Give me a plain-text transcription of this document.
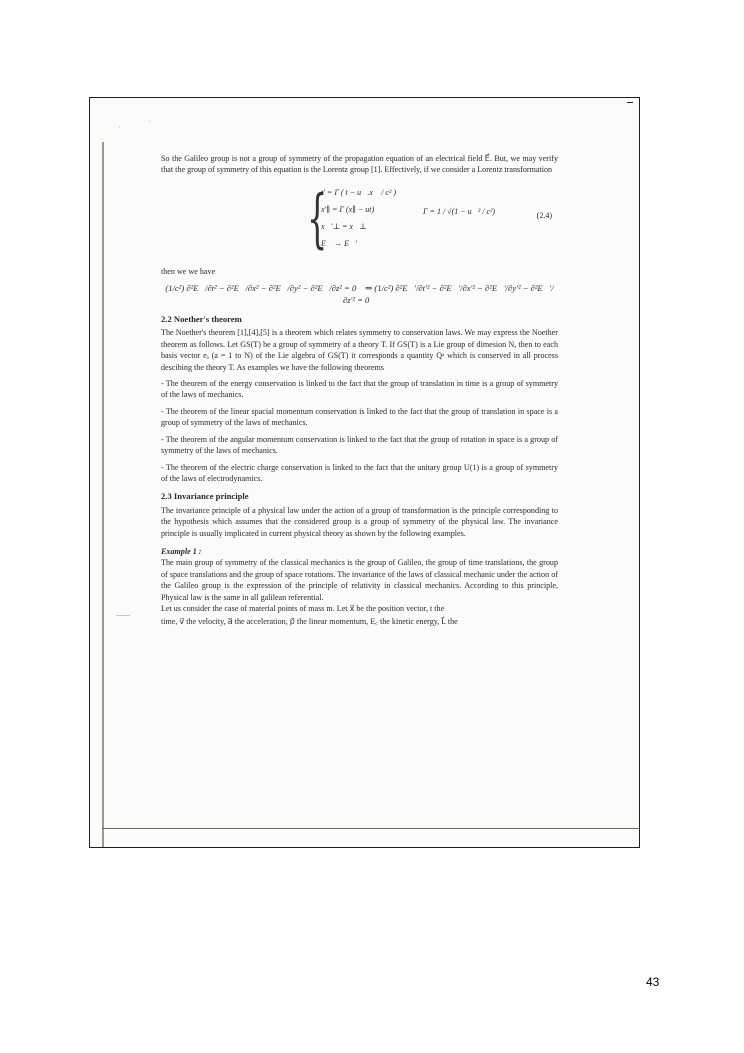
·
·

So the Galileo group is not a group of symmetry of the propagation equation of an electrical field E⃗. But, we may verify that the group of symmetry of this equation is the Lorentz group [1]. Effectively, if we consider a Lorentz transformation

{
t' = Γ ( t − u⃗.x⃗ / c² )
x'∥ = Γ (x∥ − ut)
x⃗'⊥ = x⃗⊥
E⃗ → E⃗'
Γ = 1 / √(1 − u⃗² / c²)	(2.4)

then we we have

(1/c²) ∂²E⃗/∂t² − ∂²E⃗/∂x² − ∂²E⃗/∂y² − ∂²E⃗/∂z² = 0⃗ ⇒ (1/c²) ∂²E⃗'/∂t'² − ∂²E⃗'/∂x'² − ∂²E⃗'/∂y'² − ∂²E⃗'/∂z'² = 0⃗
2.2 Noether's theorem

The Noether's theorem [1],[4],[5] is a theorem which relates symmetry to conservation laws. We may express the Noether theorem as follows. Let GS(T) be a group of symmetry of a theory T. If GS(T) is a Lie group of dimesion N, then to each basis vector eₐ (a = 1 to N) of the Lie algebra of GS(T) it corresponds a quantity Qᵃ which is conserved in all process descibing the theory T. As examples we have the following theorems

- The theorem of the energy conservation is linked to the fact that the group of translation in time is a group of symmetry of the laws of mechanics.

- The theorem of the linear spacial momentum conservation is linked to the fact that the group of translation in space is a group of symmetry of the laws of mechanics.

- The theorem of the angular momentum conservation is linked to the fact that the group of rotation in space is a group of symmetry of the laws of mechanics.

- The theorem of the electric charge conservation is linked to the fact that the unitary group U(1) is a group of symmetry of the laws of electrodynamics.

2.3 Invariance principle

The invariance principle of a physical law under the action of a group of transformation is the principle corresponding to the hypothesis which assumes that the considered group is a group of symmetry of the physical law. The invariance principle is usually implicated in current physical theory as shown by the following examples.

Example 1 :

The main group of symmetry of the classical mechanics is the group of Galileo, the group of time translations, the group of space translations and the group of space rotations. The invariance of the laws of classical mechanic under the action of the Galileo group is the expression of the principle of relativity in classical mechanics. According to this principle, Physical law is the same in all galilean referential.

Let us consider the case of material points of mass m. Let x⃗ be the position vector, t the

time, v⃗ the velocity, a⃗ the acceleration, p⃗ the linear momentum, E꜀ the kinetic energy, L⃗ the

43
